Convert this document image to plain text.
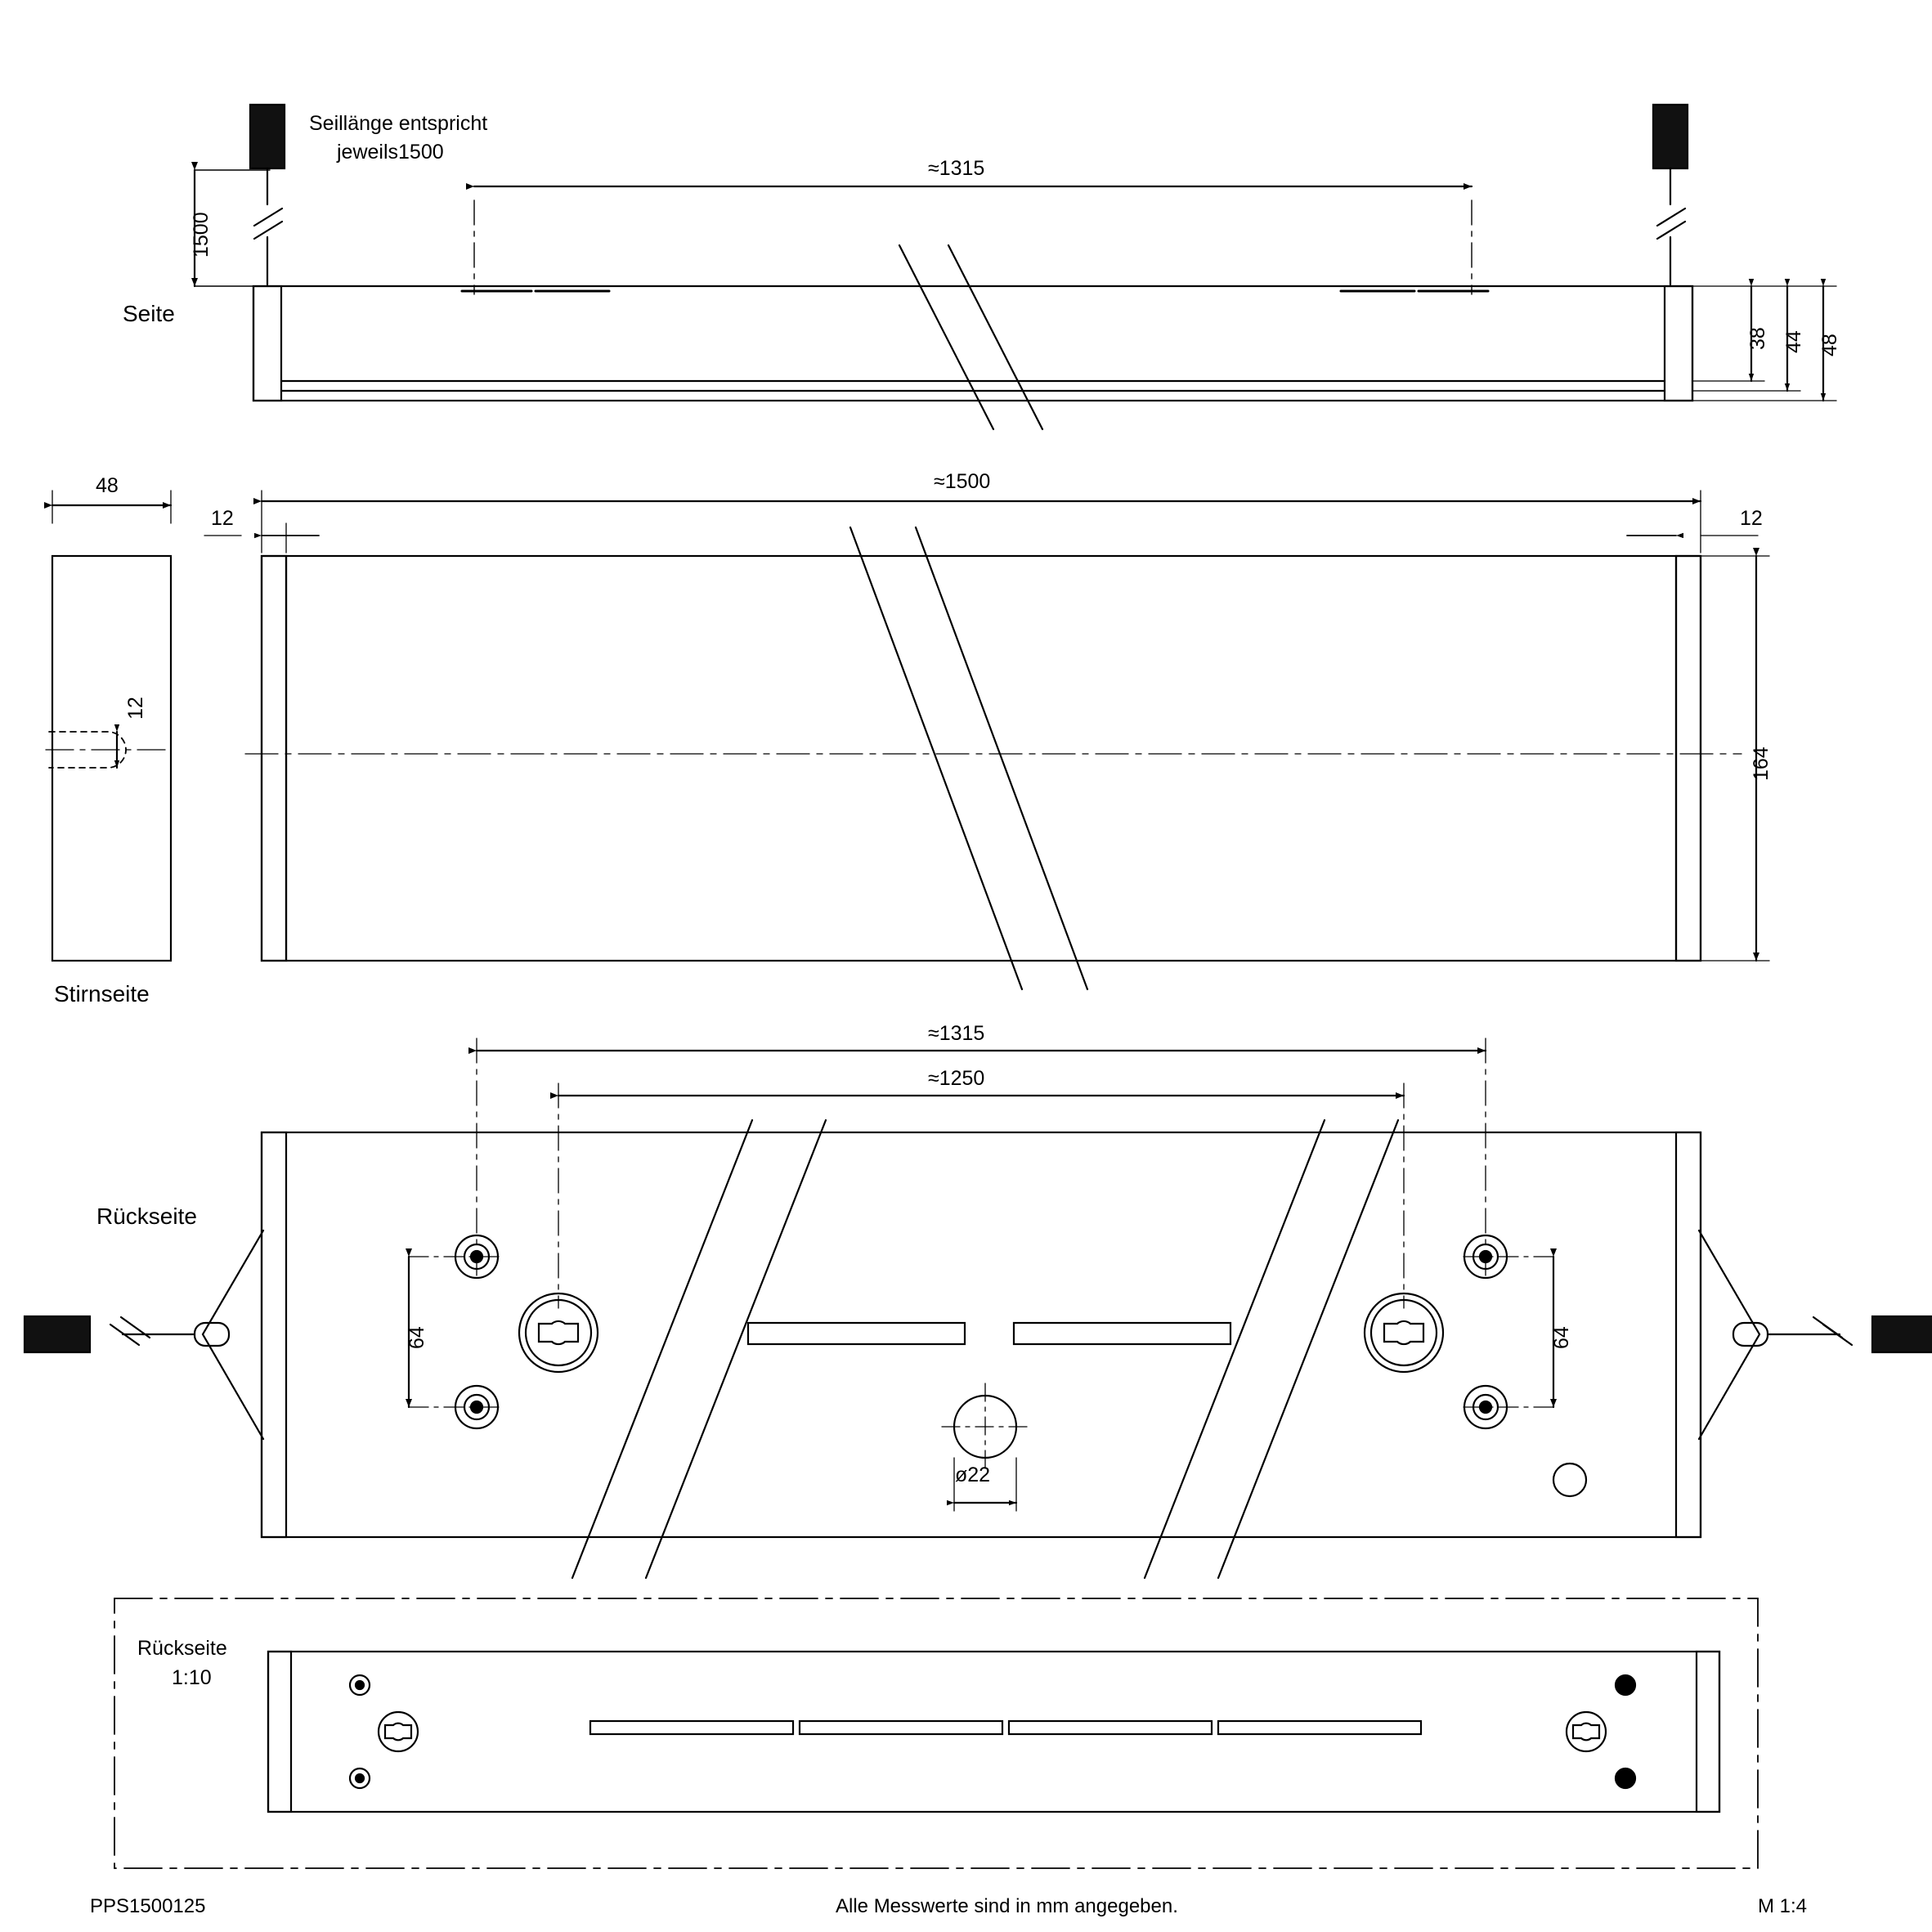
Seillänge entspricht
jeweils1500
1500
≈1315
Seite
38 44 48
48
12
Stirnseite
≈1500
12	12
164
≈1315
≈1250
Rückseite
64	64
ø22
Rückseite
1:10
PPS1500125	Alle Messwerte sind in mm angegeben.	M 1:4
